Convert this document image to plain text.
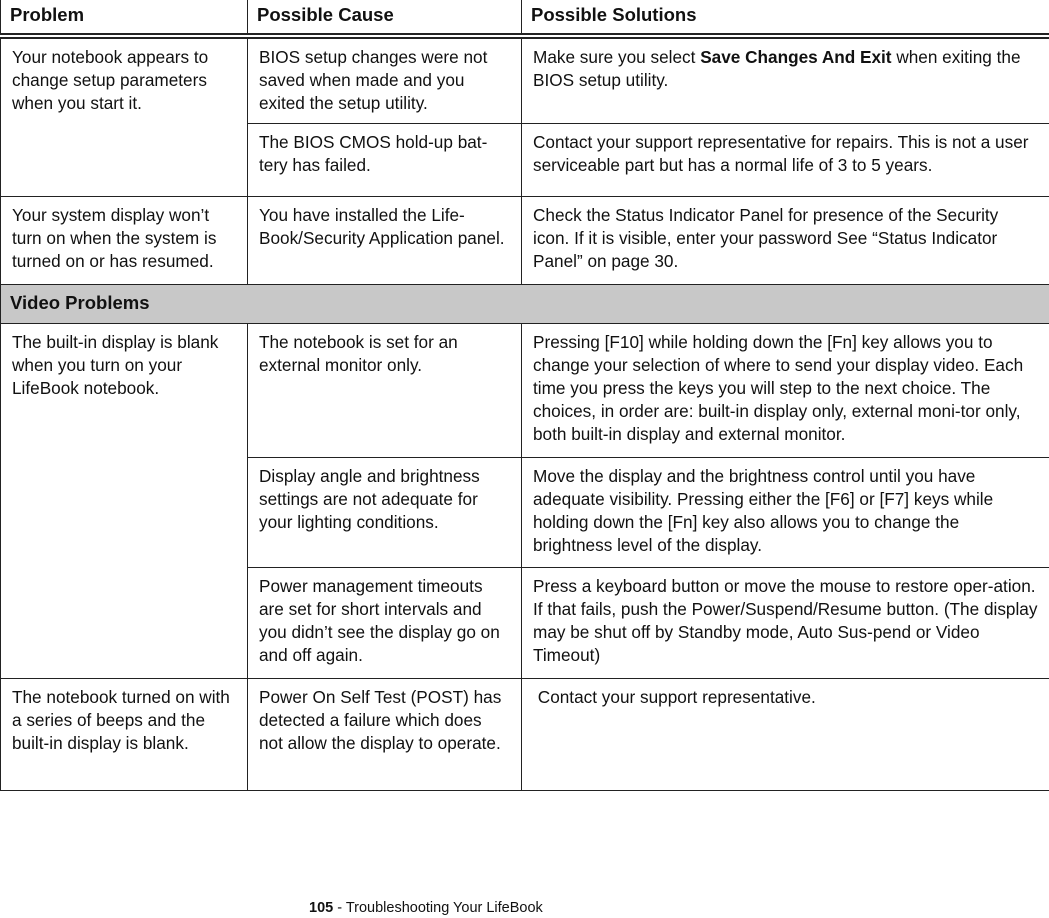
Problem	Possible Cause	Possible Solutions
Your notebook appears to change setup parameters when you start it.	BIOS setup changes were not saved when made and you exited the setup utility.	Make sure you select Save Changes And Exit when exiting the BIOS setup utility.
	The BIOS CMOS hold-up bat-tery has failed.	Contact your support representative for repairs. This is not a user serviceable part but has a normal life of 3 to 5 years.
Your system display won’t turn on when the system is turned on or has resumed.	You have installed the Life-Book/Security Application panel.	Check the Status Indicator Panel for presence of the Security icon. If it is visible, enter your password See “Status Indicator Panel” on page 30.
Video Problems		
The built-in display is blank when you turn on your LifeBook notebook.	The notebook is set for an external monitor only.	Pressing [F10] while holding down the [Fn] key allows you to change your selection of where to send your display video. Each time you press the keys you will step to the next choice. The choices, in order are: built-in display only, external moni-tor only, both built-in display and external monitor.
	Display angle and brightness settings are not adequate for your lighting conditions.	Move the display and the brightness control until you have adequate visibility. Pressing either the [F6] or [F7] keys while holding down the [Fn] key also allows you to change the brightness level of the display.
	Power management timeouts are set for short intervals and you didn’t see the display go on and off again.	Press a keyboard button or move the mouse to restore oper-ation. If that fails, push the Power/Suspend/Resume button. (The display may be shut off by Standby mode, Auto Sus-pend or Video Timeout)
The notebook turned on with a series of beeps and the built-in display is blank.	Power On Self Test (POST) has detected a failure which does not allow the display to operate.	Contact your support representative.
105 - Troubleshooting Your LifeBook
